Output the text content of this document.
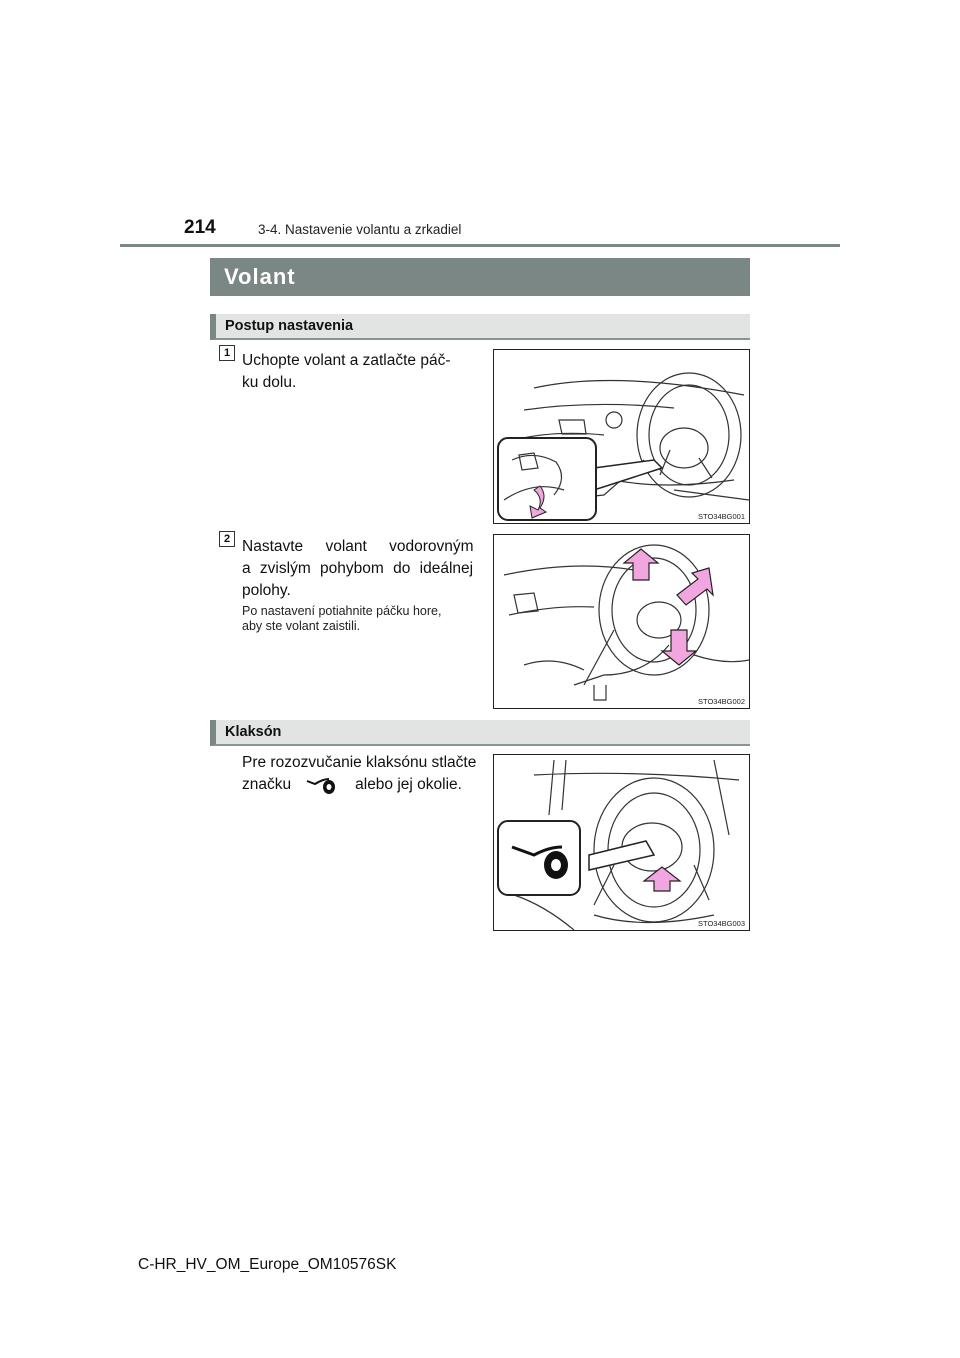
214	3-4. Nastavenie volantu a zrkadiel
Volant
Postup nastavenia
1 Uchopte volant a zatlačte páč-
ku dolu.
STO34BG001
2 Nastavte volant vodorovným
a zvislým pohybom do ideálnej
polohy.
Po nastavení potiahnite páčku hore,
aby ste volant zaistili.
STO34BG002
Klaksón
Pre rozozvučanie klaksónu stlačte
značku	alebo jej okolie.
STO34BG003
C-HR_HV_OM_Europe_OM10576SK
